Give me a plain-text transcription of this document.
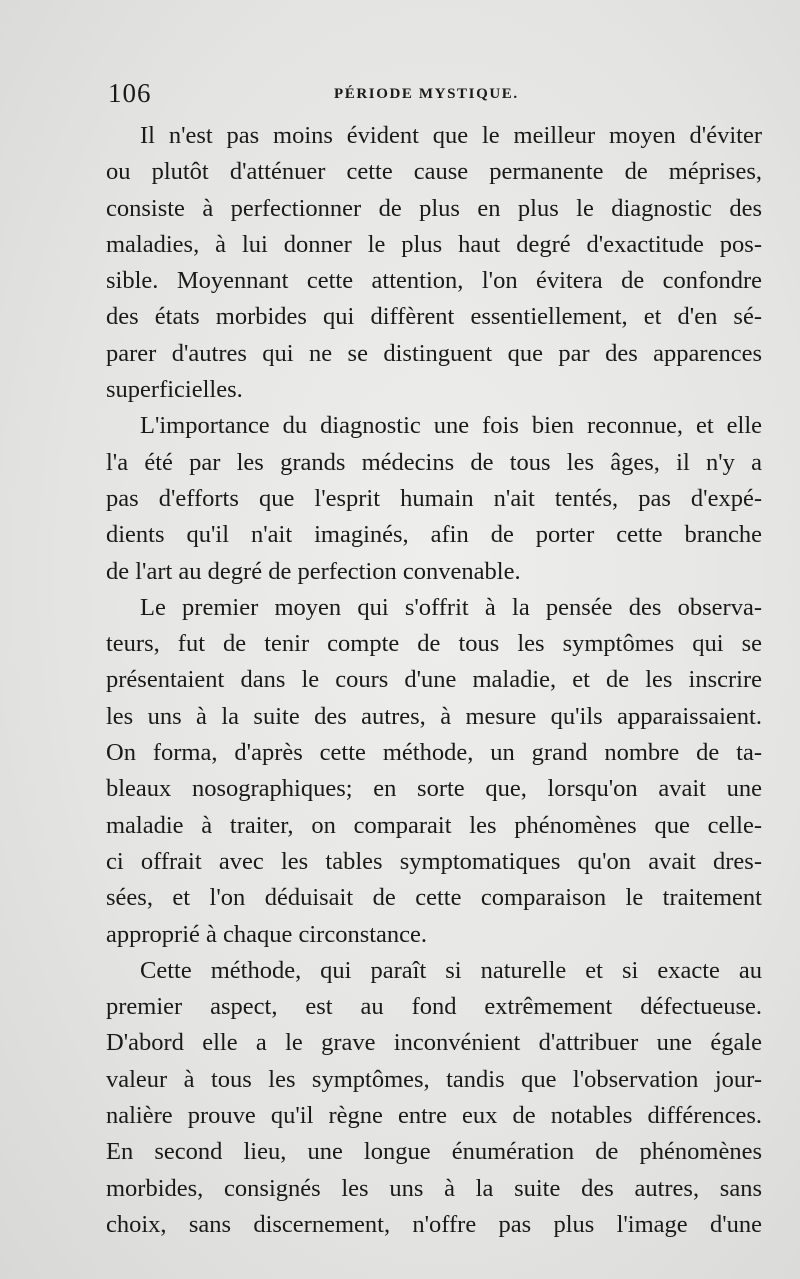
106	PÉRIODE MYSTIQUE.
Il n'est pas moins évident que le meilleur moyen d'éviter
ou plutôt d'atténuer cette cause permanente de méprises,
consiste à perfectionner de plus en plus le diagnostic des
maladies, à lui donner le plus haut degré d'exactitude pos-
sible. Moyennant cette attention, l'on évitera de confondre
des états morbides qui diffèrent essentiellement, et d'en sé-
parer d'autres qui ne se distinguent que par des apparences
superficielles.
L'importance du diagnostic une fois bien reconnue, et elle
l'a été par les grands médecins de tous les âges, il n'y a
pas d'efforts que l'esprit humain n'ait tentés, pas d'expé-
dients qu'il n'ait imaginés, afin de porter cette branche
de l'art au degré de perfection convenable.
Le premier moyen qui s'offrit à la pensée des observa-
teurs, fut de tenir compte de tous les symptômes qui se
présentaient dans le cours d'une maladie, et de les inscrire
les uns à la suite des autres, à mesure qu'ils apparaissaient.
On forma, d'après cette méthode, un grand nombre de ta-
bleaux nosographiques; en sorte que, lorsqu'on avait une
maladie à traiter, on comparait les phénomènes que celle-
ci offrait avec les tables symptomatiques qu'on avait dres-
sées, et l'on déduisait de cette comparaison le traitement
approprié à chaque circonstance.
Cette méthode, qui paraît si naturelle et si exacte au
premier aspect, est au fond extrêmement défectueuse.
D'abord elle a le grave inconvénient d'attribuer une égale
valeur à tous les symptômes, tandis que l'observation jour-
nalière prouve qu'il règne entre eux de notables différences.
En second lieu, une longue énumération de phénomènes
morbides, consignés les uns à la suite des autres, sans
choix, sans discernement, n'offre pas plus l'image d'une
